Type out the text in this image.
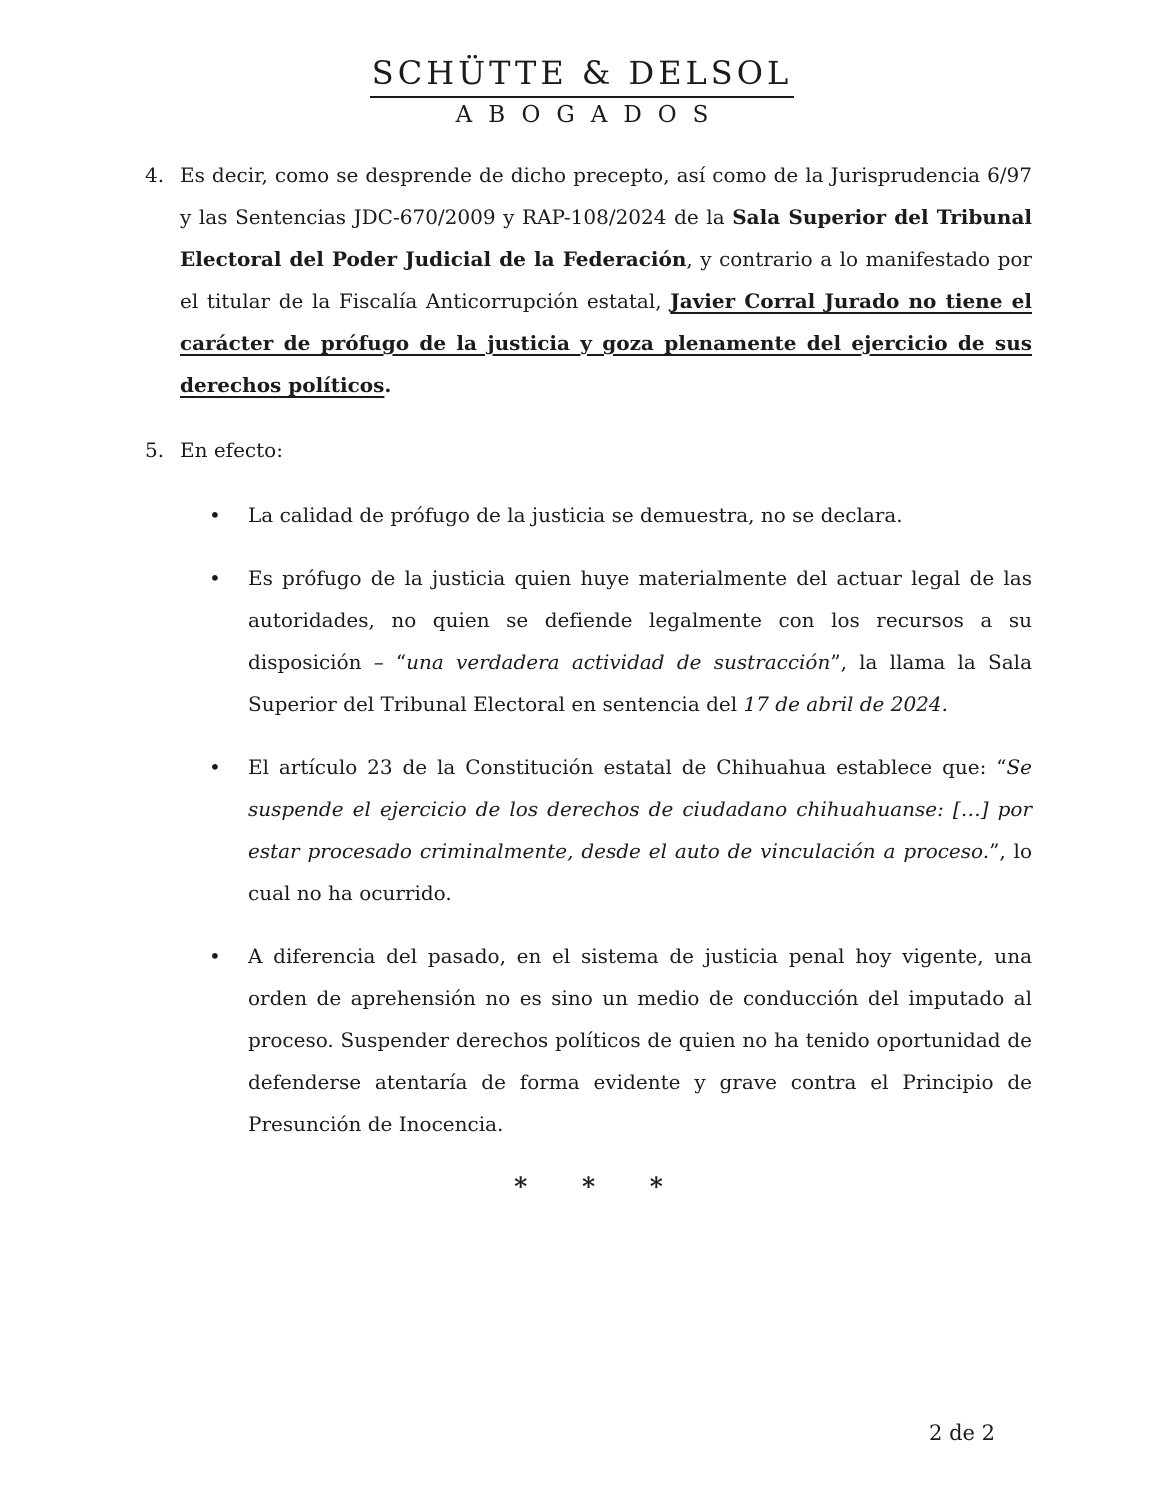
SCHÜTTE & DELSOL
ABOGADOS
4. Es decir, como se desprende de dicho precepto, así como de la Jurisprudencia 6/97 y las Sentencias JDC-670/2009 y RAP-108/2024 de la Sala Superior del Tribunal Electoral del Poder Judicial de la Federación, y contrario a lo manifestado por el titular de la Fiscalía Anticorrupción estatal, Javier Corral Jurado no tiene el carácter de prófugo de la justicia y goza plenamente del ejercicio de sus derechos políticos.
5. En efecto:
• La calidad de prófugo de la justicia se demuestra, no se declara.
• Es prófugo de la justicia quien huye materialmente del actuar legal de las autoridades, no quien se defiende legalmente con los recursos a su disposición – “una verdadera actividad de sustracción”, la llama la Sala Superior del Tribunal Electoral en sentencia del 17 de abril de 2024.
• El artículo 23 de la Constitución estatal de Chihuahua establece que: “Se suspende el ejercicio de los derechos de ciudadano chihuahuanse: […] por estar procesado criminalmente, desde el auto de vinculación a proceso.”, lo cual no ha ocurrido.
• A diferencia del pasado, en el sistema de justicia penal hoy vigente, una orden de aprehensión no es sino un medio de conducción del imputado al proceso. Suspender derechos políticos de quien no ha tenido oportunidad de defenderse atentaría de forma evidente y grave contra el Principio de Presunción de Inocencia.
* * *
2 de 2
